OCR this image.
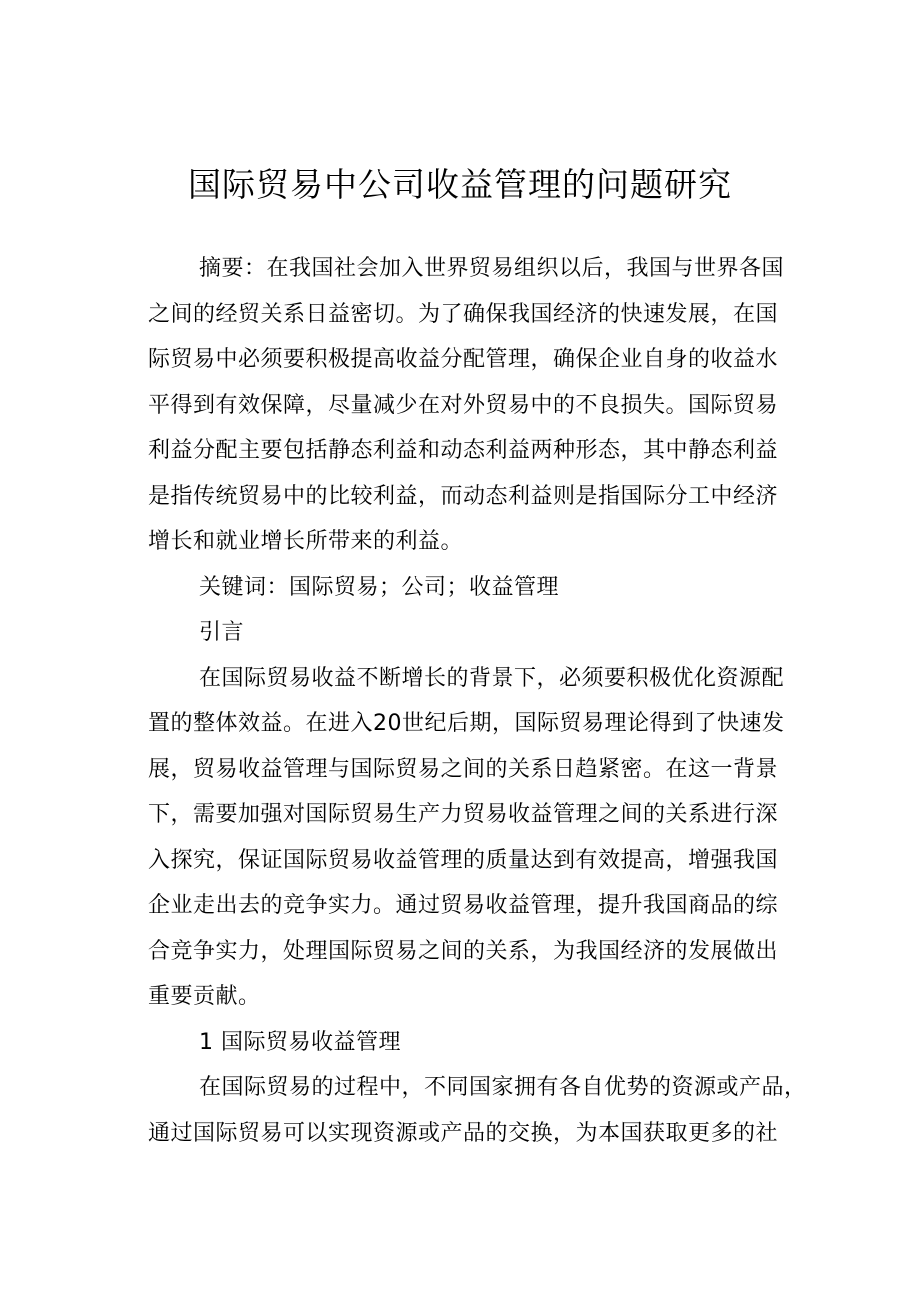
国际贸易中公司收益管理的问题研究
摘要：在我国社会加入世界贸易组织以后，我国与世界各国
之间的经贸关系日益密切。为了确保我国经济的快速发展，在国
际贸易中必须要积极提高收益分配管理，确保企业自身的收益水
平得到有效保障，尽量减少在对外贸易中的不良损失。国际贸易
利益分配主要包括静态利益和动态利益两种形态，其中静态利益
是指传统贸易中的比较利益，而动态利益则是指国际分工中经济
增长和就业增长所带来的利益。
关键词：国际贸易；公司；收益管理
引言
在国际贸易收益不断增长的背景下，必须要积极优化资源配
置的整体效益。在进入20世纪后期，国际贸易理论得到了快速发
展，贸易收益管理与国际贸易之间的关系日趋紧密。在这一背景
下，需要加强对国际贸易生产力贸易收益管理之间的关系进行深
入探究，保证国际贸易收益管理的质量达到有效提高，增强我国
企业走出去的竞争实力。通过贸易收益管理，提升我国商品的综
合竞争实力，处理国际贸易之间的关系，为我国经济的发展做出
重要贡献。
1 国际贸易收益管理
在国际贸易的过程中，不同国家拥有各自优势的资源或产品，
通过国际贸易可以实现资源或产品的交换，为本国获取更多的社
